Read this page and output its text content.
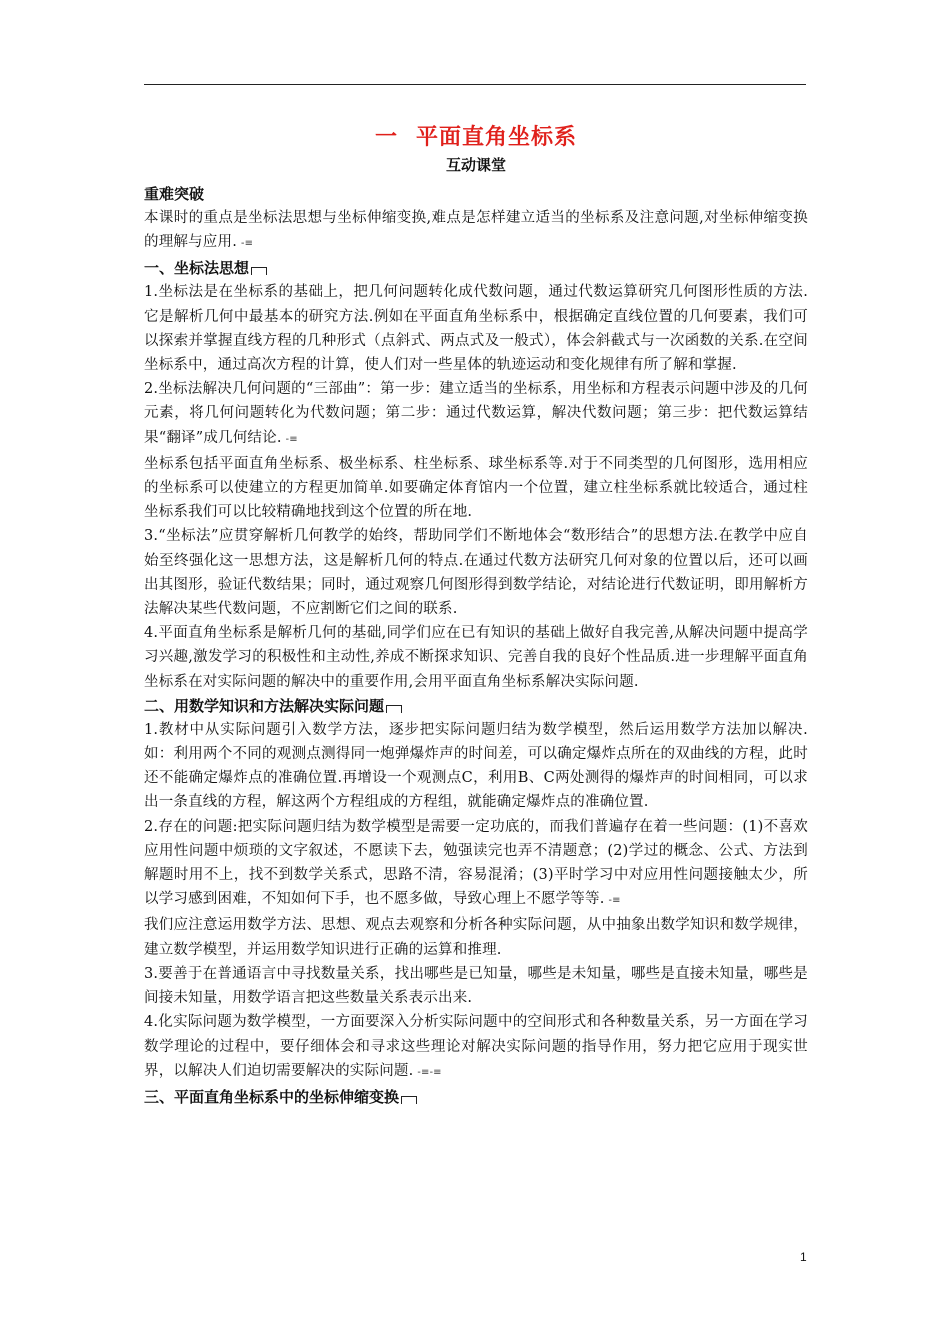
一 平面直角坐标系

互动课堂

重难突破

本课时的重点是坐标法思想与坐标伸缩变换,难点是怎样建立适当的坐标系及注意问题,对坐标伸缩变换的理解与应用. -≡

一、坐标法思想

1.坐标法是在坐标系的基础上，把几何问题转化成代数问题，通过代数运算研究几何图形性质的方法.它是解析几何中最基本的研究方法.例如在平面直角坐标系中，根据确定直线位置的几何要素，我们可以探索并掌握直线方程的几种形式（点斜式、两点式及一般式），体会斜截式与一次函数的关系.在空间坐标系中，通过高次方程的计算，使人们对一些星体的轨迹运动和变化规律有所了解和掌握.

2.坐标法解决几何问题的“三部曲”：第一步：建立适当的坐标系，用坐标和方程表示问题中涉及的几何元素，将几何问题转化为代数问题；第二步：通过代数运算，解决代数问题；第三步：把代数运算结果“翻译”成几何结论. -≡

坐标系包括平面直角坐标系、极坐标系、柱坐标系、球坐标系等.对于不同类型的几何图形，选用相应的坐标系可以使建立的方程更加简单.如要确定体育馆内一个位置，建立柱坐标系就比较适合，通过柱坐标系我们可以比较精确地找到这个位置的所在地.

3.“坐标法”应贯穿解析几何教学的始终，帮助同学们不断地体会“数形结合”的思想方法.在教学中应自始至终强化这一思想方法，这是解析几何的特点.在通过代数方法研究几何对象的位置以后，还可以画出其图形，验证代数结果；同时，通过观察几何图形得到数学结论，对结论进行代数证明，即用解析方法解决某些代数问题，不应割断它们之间的联系.

4.平面直角坐标系是解析几何的基础,同学们应在已有知识的基础上做好自我完善,从解决问题中提高学习兴趣,激发学习的积极性和主动性,养成不断探求知识、完善自我的良好个性品质.进一步理解平面直角坐标系在对实际问题的解决中的重要作用,会用平面直角坐标系解决实际问题.

二、用数学知识和方法解决实际问题

1.教材中从实际问题引入数学方法，逐步把实际问题归结为数学模型，然后运用数学方法加以解决.如：利用两个不同的观测点测得同一炮弹爆炸声的时间差，可以确定爆炸点所在的双曲线的方程，此时还不能确定爆炸点的准确位置.再增设一个观测点C，利用B、C两处测得的爆炸声的时间相同，可以求出一条直线的方程，解这两个方程组成的方程组，就能确定爆炸点的准确位置.

2.存在的问题:把实际问题归结为数学模型是需要一定功底的，而我们普遍存在着一些问题：(1)不喜欢应用性问题中烦琐的文字叙述，不愿读下去，勉强读完也弄不清题意；(2)学过的概念、公式、方法到解题时用不上，找不到数学关系式，思路不清，容易混淆；(3)平时学习中对应用性问题接触太少，所以学习感到困难，不知如何下手，也不愿多做，导致心理上不愿学等等. -≡

我们应注意运用数学方法、思想、观点去观察和分析各种实际问题，从中抽象出数学知识和数学规律，建立数学模型，并运用数学知识进行正确的运算和推理.

3.要善于在普通语言中寻找数量关系，找出哪些是已知量，哪些是未知量，哪些是直接未知量，哪些是间接未知量，用数学语言把这些数量关系表示出来.

4.化实际问题为数学模型，一方面要深入分析实际问题中的空间形式和各种数量关系，另一方面在学习数学理论的过程中，要仔细体会和寻求这些理论对解决实际问题的指导作用，努力把它应用于现实世界，以解决人们迫切需要解决的实际问题. -≡-≡

三、平面直角坐标系中的坐标伸缩变换

1
